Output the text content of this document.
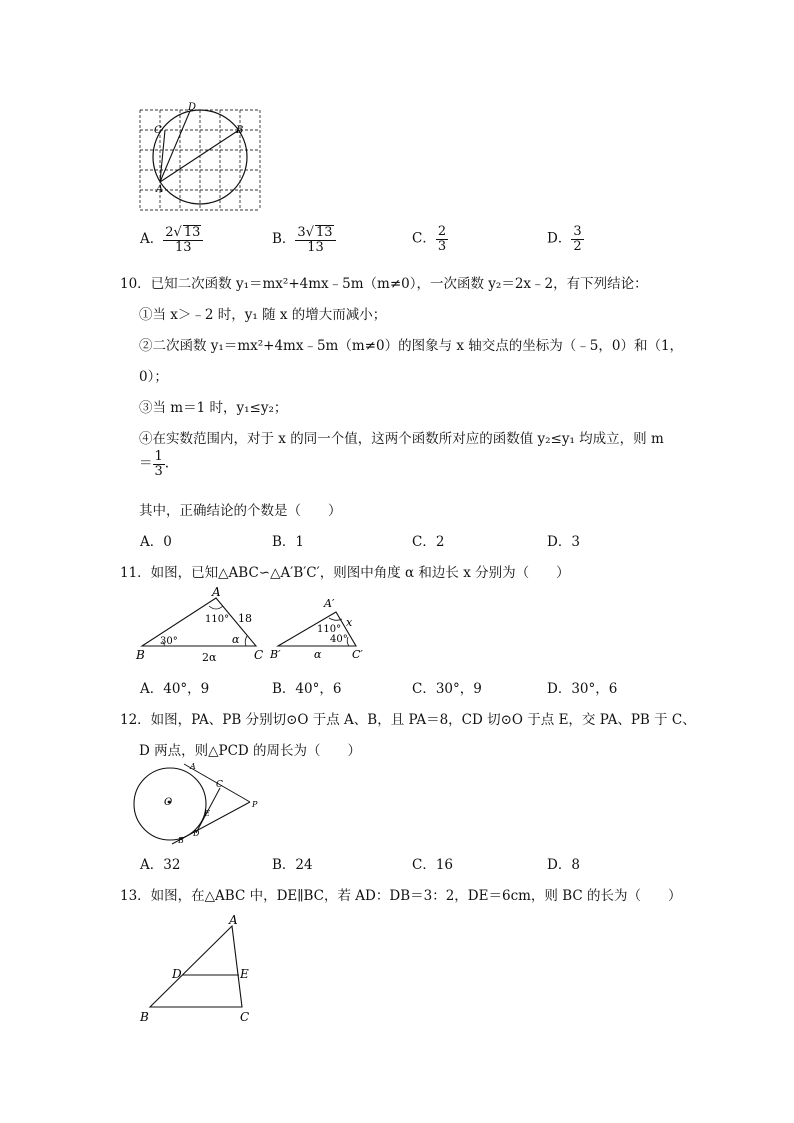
D
C	B
A
A． $\frac{2√ 13}{13}$	B． $\frac{3√ 13}{13}$	C． $\frac{2}{3}$	D． $\frac{3}{2}$
10．已知二次函数 y₁＝mx²+4mx﹣5m（m≠0），一次函数 y₂＝2x﹣2，有下列结论：
①当 x＞﹣2 时，y₁ 随 x 的增大而减小；
②二次函数 y₁＝mx²+4mx﹣5m（m≠0）的图象与 x 轴交点的坐标为（﹣5，0）和（1，
0）；
③当 m＝1 时，y₁≤y₂；
④在实数范围内，对于 x 的同一个值，这两个函数所对应的函数值 y₂≤y₁ 均成立，则 m
＝ $\frac{1}{3}$ .
其中，正确结论的个数是（　　）
A．0	B．1	C．2	D．3
11．如图，已知△ABC∽△A′B′C′，则图中角度 α 和边长 x 分别为（　　）
A
B	C
110°
30°	α
18
2α
A′
B′	C′
110°
40°
x
α
A．40°，9	B．40°，6	C．30°，9	D．30°，6
12．如图，PA、PB 分别切⊙O 于点 A、B，且 PA＝8，CD 切⊙O 于点 E，交 PA、PB 于 C、
D 两点，则△PCD 的周长为（　　）
O
A
C
E
D
B
P
A．32	B．24	C．16	D．8
13．如图，在△ABC 中，DE∥BC，若 AD：DB＝3：2，DE＝6cm，则 BC 的长为（　　）
A
D	E
B	C
